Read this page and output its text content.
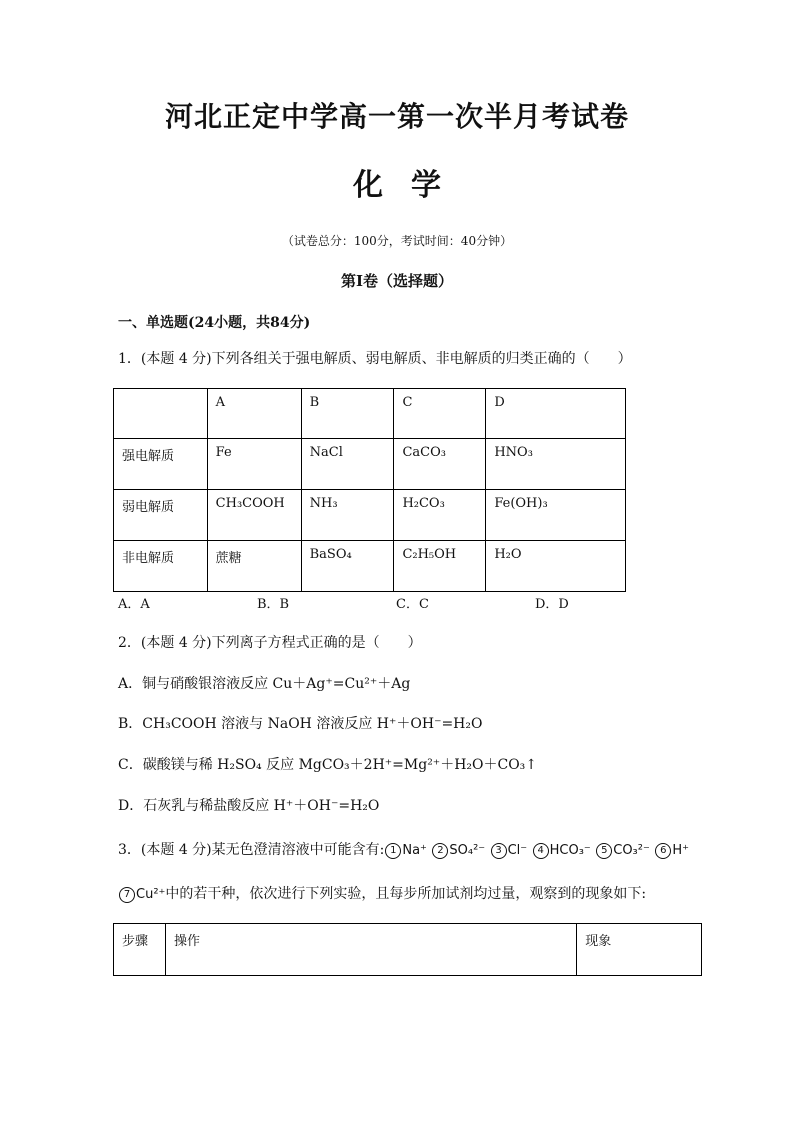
河北正定中学高一第一次半月考试卷
化学
（试卷总分：100分，考试时间：40分钟）
第I卷（选择题）
一、单选题(24小题，共84分)
1．(本题 4 分)下列各组关于强电解质、弱电解质、非电解质的归类正确的（　　）
	A	B	C	D
强电解质	Fe	NaCl	CaCO₃	HNO₃
弱电解质	CH₃COOH	NH₃	H₂CO₃	Fe(OH)₃
非电解质	蔗糖	BaSO₄	C₂H₅OH	H₂O
A．A	B．B	C．C	D．D
2．(本题 4 分)下列离子方程式正确的是（　　）
A．铜与硝酸银溶液反应 Cu＋Ag⁺=Cu²⁺＋Ag
B．CH₃COOH 溶液与 NaOH 溶液反应 H⁺＋OH⁻=H₂O
C．碳酸镁与稀 H₂SO₄ 反应 MgCO₃＋2H⁺=Mg²⁺＋H₂O＋CO₃↑
D．石灰乳与稀盐酸反应 H⁺＋OH⁻=H₂O
3．(本题 4 分)某无色澄清溶液中可能含有: 1 Na⁺ 2 SO₄²⁻ 3 Cl⁻ 4 HCO₃⁻ 5 CO₃²⁻ 6 H⁺
7 Cu²⁺中的若干种，依次进行下列实验，且每步所加试剂均过量，观察到的现象如下:
步骤	操作	现象
